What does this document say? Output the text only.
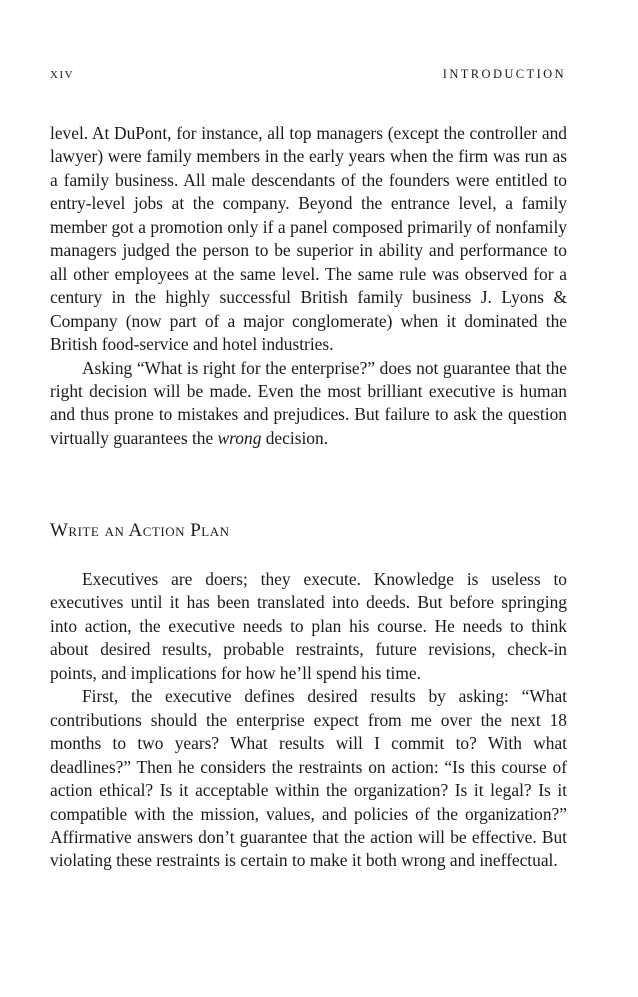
xiv	INTRODUCTION

level. At DuPont, for instance, all top managers (except the controller and lawyer) were family members in the early years when the firm was run as a family business. All male descendants of the founders were entitled to entry-level jobs at the company. Beyond the entrance level, a family member got a promotion only if a panel composed primarily of nonfamily managers judged the person to be superior in ability and performance to all other employees at the same level. The same rule was observed for a century in the highly successful British family business J. Lyons & Company (now part of a major conglomerate) when it dominated the British food-service and hotel industries.

Asking “What is right for the enterprise?” does not guarantee that the right decision will be made. Even the most brilliant executive is human and thus prone to mistakes and prejudices. But failure to ask the question virtually guarantees the wrong decision.

Write an Action Plan

Executives are doers; they execute. Knowledge is useless to executives until it has been translated into deeds. But before springing into action, the executive needs to plan his course. He needs to think about desired results, probable restraints, future revisions, check-in points, and implications for how he’ll spend his time.

First, the executive defines desired results by asking: “What contributions should the enterprise expect from me over the next 18 months to two years? What results will I commit to? With what deadlines?” Then he considers the restraints on action: “Is this course of action ethical? Is it acceptable within the organization? Is it legal? Is it compatible with the mission, values, and policies of the organization?” Affirmative answers don’t guarantee that the action will be effective. But violating these restraints is certain to make it both wrong and ineffectual.
